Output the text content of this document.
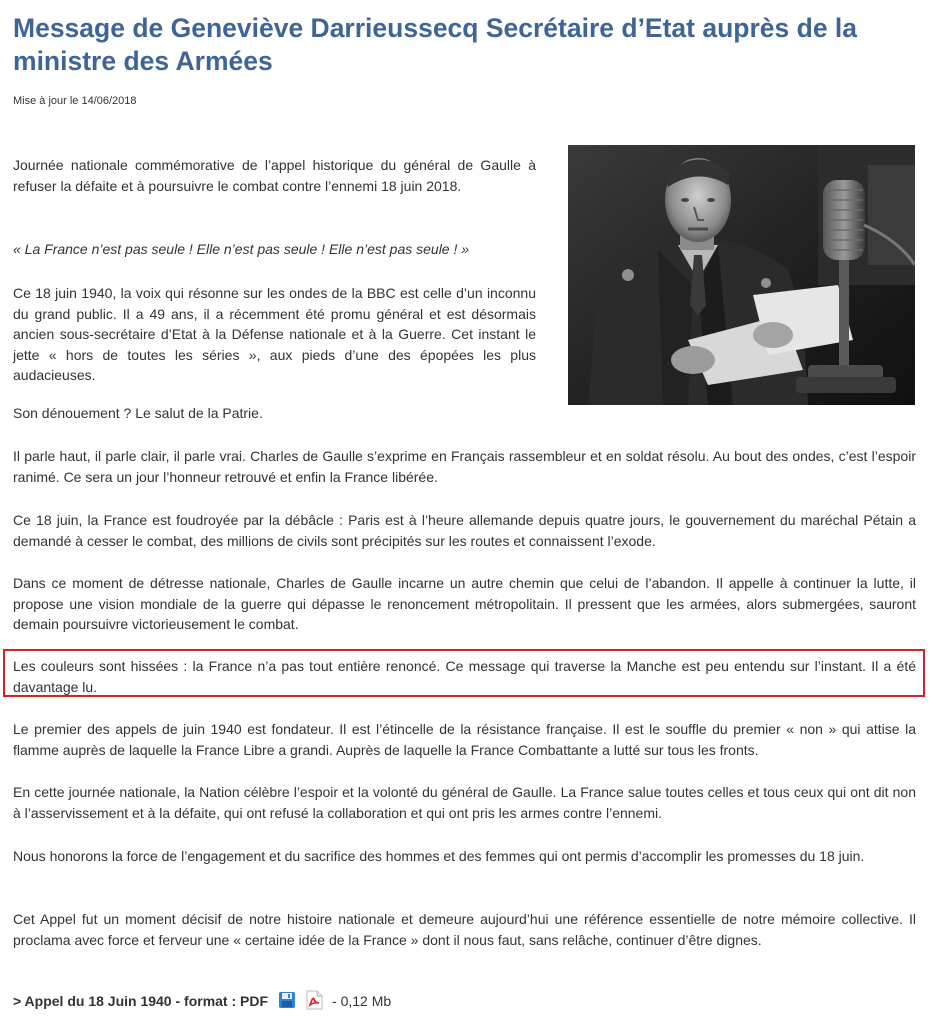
Message de Geneviève Darrieussecq Secrétaire d’Etat auprès de la ministre des Armées

Mise à jour le 14/06/2018

Journée nationale commémorative de l’appel historique du général de Gaulle à refuser la défaite et à poursuivre le combat contre l’ennemi 18 juin 2018.

« La France n’est pas seule ! Elle n’est pas seule ! Elle n’est pas seule ! »

Ce 18 juin 1940, la voix qui résonne sur les ondes de la BBC est celle d’un inconnu du grand public. Il a 49 ans, il a récemment été promu général et est désormais ancien sous-secrétaire d’Etat à la Défense nationale et à la Guerre. Cet instant le jette « hors de toutes les séries », aux pieds d’une des épopées les plus audacieuses.

Son dénouement ? Le salut de la Patrie.

Il parle haut, il parle clair, il parle vrai. Charles de Gaulle s’exprime en Français rassembleur et en soldat résolu. Au bout des ondes, c’est l’espoir ranimé. Ce sera un jour l’honneur retrouvé et enfin la France libérée.

Ce 18 juin, la France est foudroyée par la débâcle : Paris est à l’heure allemande depuis quatre jours, le gouvernement du maréchal Pétain a demandé à cesser le combat, des millions de civils sont précipités sur les routes et connaissent l’exode.

Dans ce moment de détresse nationale, Charles de Gaulle incarne un autre chemin que celui de l’abandon. Il appelle à continuer la lutte, il propose une vision mondiale de la guerre qui dépasse le renoncement métropolitain. Il pressent que les armées, alors submergées, sauront demain poursuivre victorieusement le combat.

Les couleurs sont hissées : la France n’a pas tout entière renoncé. Ce message qui traverse la Manche est peu entendu sur l’instant. Il a été davantage lu.

Le premier des appels de juin 1940 est fondateur. Il est l’étincelle de la résistance française. Il est le souffle du premier « non » qui attise la flamme auprès de laquelle la France Libre a grandi. Auprès de laquelle la France Combattante a lutté sur tous les fronts.

En cette journée nationale, la Nation célèbre l’espoir et la volonté du général de Gaulle. La France salue toutes celles et tous ceux qui ont dit non à l’asservissement et à la défaite, qui ont refusé la collaboration et qui ont pris les armes contre l’ennemi.

Nous honorons la force de l’engagement et du sacrifice des hommes et des femmes qui ont permis d’accomplir les promesses du 18 juin.

Cet Appel fut un moment décisif de notre histoire nationale et demeure aujourd’hui une référence essentielle de notre mémoire collective. Il proclama avec force et ferveur une « certaine idée de la France » dont il nous faut, sans relâche, continuer d’être dignes.

> Appel du 18 Juin 1940 - format : PDF	- 0,12 Mb
